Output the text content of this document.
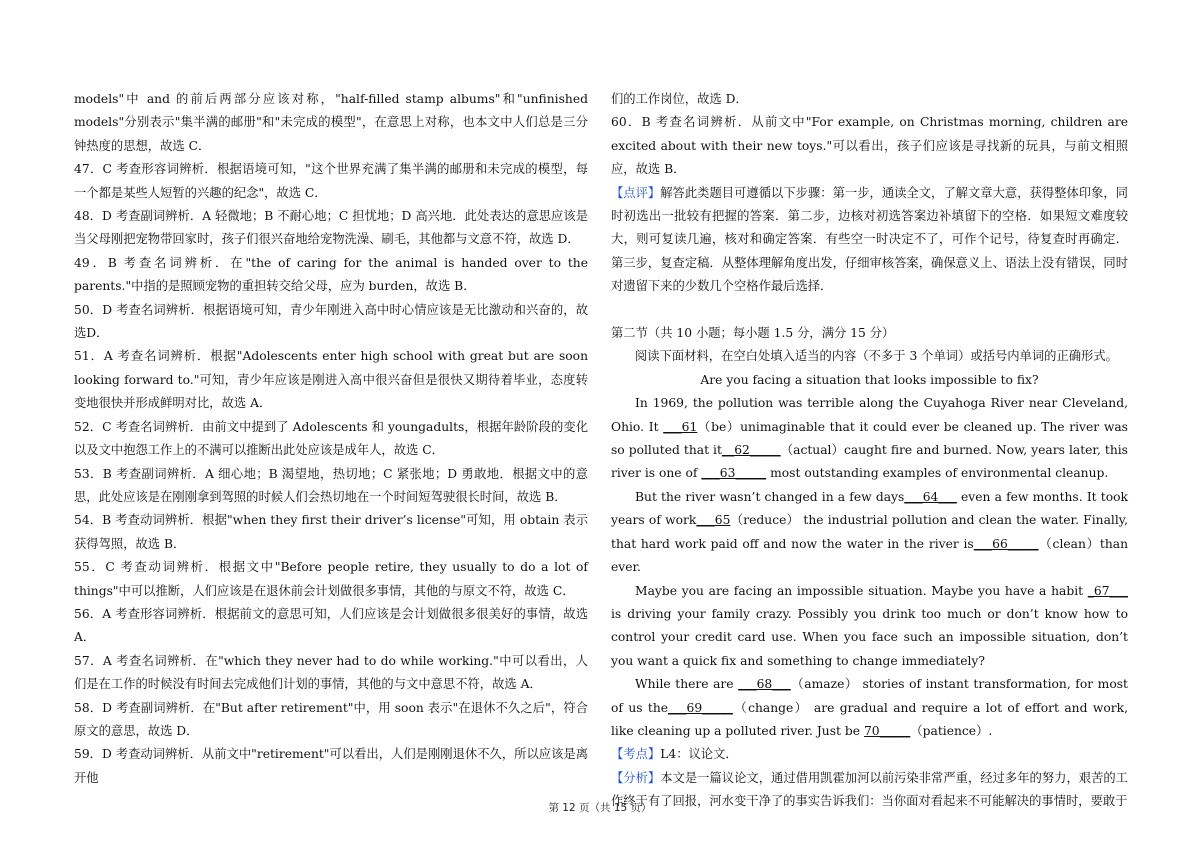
models"中 and 的前后两部分应该对称，"half-filled stamp albums"和"unfinished models"分别表示"集半满的邮册"和"未完成的模型"，在意思上对称，也本文中人们总是三分钟热度的思想，故选 C．

47．C 考查形容词辨析．根据语境可知，"这个世界充满了集半满的邮册和未完成的模型，每一个都是某些人短暂的兴趣的纪念"，故选 C．

48．D 考查副词辨析．A 轻微地；B 不耐心地；C 担忧地；D 高兴地．此处表达的意思应该是当父母刚把宠物带回家时，孩子们很兴奋地给宠物洗澡、刷毛，其他都与文意不符，故选 D．

49．B 考查名词辨析．在"the of caring for the animal is handed over to the parents."中指的是照顾宠物的重担转交给父母，应为 burden，故选 B．

50．D 考查名词辨析．根据语境可知，青少年刚进入高中时心情应该是无比激动和兴奋的，故选D．

51．A 考查名词辨析．根据"Adolescents enter high school with great but are soon looking forward to."可知，青少年应该是刚进入高中很兴奋但是很快又期待着毕业，态度转变地很快并形成鲜明对比，故选 A．

52．C 考查名词辨析．由前文中提到了 Adolescents 和 youngadults，根据年龄阶段的变化以及文中抱怨工作上的不满可以推断出此处应该是成年人，故选 C．

53．B 考查副词辨析．A 细心地；B 渴望地，热切地；C 紧张地；D 勇敢地．根据文中的意思，此处应该是在刚刚拿到驾照的时候人们会热切地在一个时间短驾驶很长时间，故选 B．

54．B 考查动词辨析．根据"when they first their driver’s license"可知，用 obtain 表示获得驾照，故选 B．

55．C 考查动词辨析．根据文中"Before people retire, they usually to do a lot of things"中可以推断，人们应该是在退休前会计划做很多事情，其他的与原文不符，故选 C．

56．A 考查形容词辨析．根据前文的意思可知，人们应该是会计划做很多很美好的事情，故选A．

57．A 考查名词辨析．在"which they never had to do while working."中可以看出，人们是在工作的时候没有时间去完成他们计划的事情，其他的与文中意思不符，故选 A．

58．D 考查副词辨析．在"But after retirement"中，用 soon 表示"在退休不久之后"，符合原文的意思，故选 D．

59．D 考查动词辨析．从前文中"retirement"可以看出，人们是刚刚退休不久，所以应该是离开他

们的工作岗位，故选 D．

60．B 考查名词辨析．从前文中"For example, on Christmas morning, children are excited about with their new toys."可以看出，孩子们应该是寻找新的玩具，与前文相照应，故选 B．

【点评】解答此类题目可遵循以下步骤：第一步，通读全文，了解文章大意，获得整体印象，同时初选出一批较有把握的答案．第二步，边核对初选答案边补填留下的空格．如果短文难度较大，则可复读几遍，核对和确定答案．有些空一时决定不了，可作个记号，待复查时再确定． 第三步，复查定稿．从整体理解角度出发，仔细审核答案，确保意义上、语法上没有错误，同时对遗留下来的少数几个空格作最后选择．

第二节（共 10 小题；每小题 1.5 分，满分 15 分）

阅读下面材料，在空白处填入适当的内容（不多于 3 个单词）或括号内单词的正确形式。

Are you facing a situation that looks impossible to fix?

In 1969, the pollution was terrible along the Cuyahoga River near Cleveland, Ohio. It ___61（be）unimaginable that it could ever be cleaned up. The river was so polluted that it__62_____（actual）caught fire and burned. Now, years later, this river is one of ___63_____ most outstanding examples of environmental cleanup.

But the river wasn’t changed in a few days___64___ even a few months. It took years of work___65（reduce） the industrial pollution and clean the water. Finally, that hard work paid off and now the water in the river is___66_____（clean）than ever.

Maybe you are facing an impossible situation. Maybe you have a habit _67___ is driving your family crazy. Possibly you drink too much or don’t know how to control your credit card use. When you face such an impossible situation, don’t you want a quick fix and something to change immediately?

While there are ___68___（amaze） stories of instant transformation, for most of us the___69_____（change） are gradual and require a lot of effort and work, like cleaning up a polluted river. Just be 70_____（patience）.

【考点】L4：议论文．

【分析】本文是一篇议论文，通过借用凯霍加河以前污染非常严重，经过多年的努力，艰苦的工作终于有了回报，河水变干净了的事实告诉我们：当你面对看起来不可能解决的事情时，要敢于

第 12 页（共 15 页）
